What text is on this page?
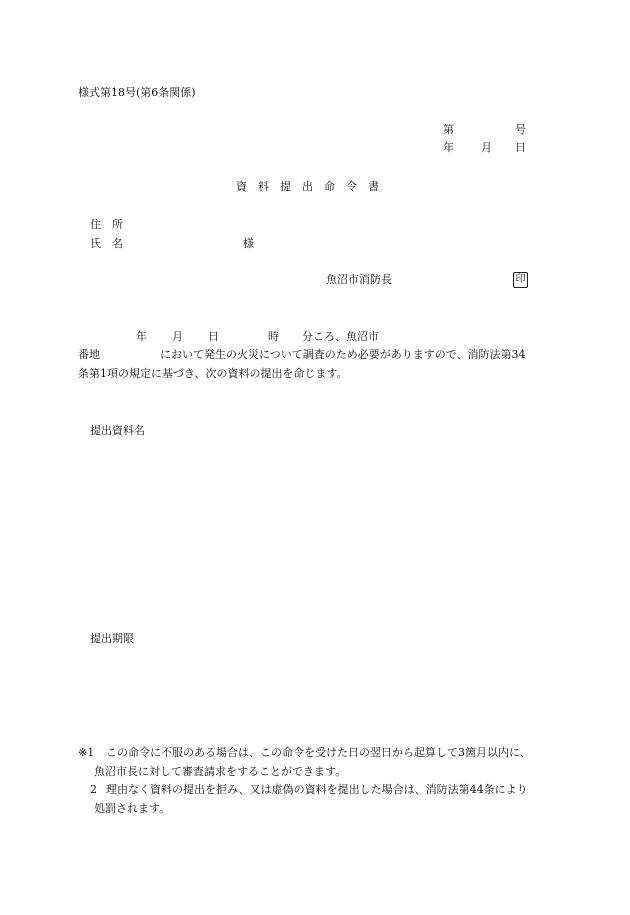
様式第18号(第6条関係)
第	号
年 月 日
資　料　提　出　命　令　書
住　所
氏　名	様
魚沼市消防長	印
年 月 日	時 分ころ、魚沼市
番地	において発生の火災について調査のため必要がありますので、消防法第34
条第1項の規定に基づき、次の資料の提出を命じます。
提出資料名
提出期限
※1 この命令に不服のある場合は、この命令を受けた日の翌日から起算して3箇月以内に、
魚沼市長に対して審査請求をすることができます。
2 理由なく資料の提出を拒み、又は虚偽の資料を提出した場合は、消防法第44条により
処罰されます。
